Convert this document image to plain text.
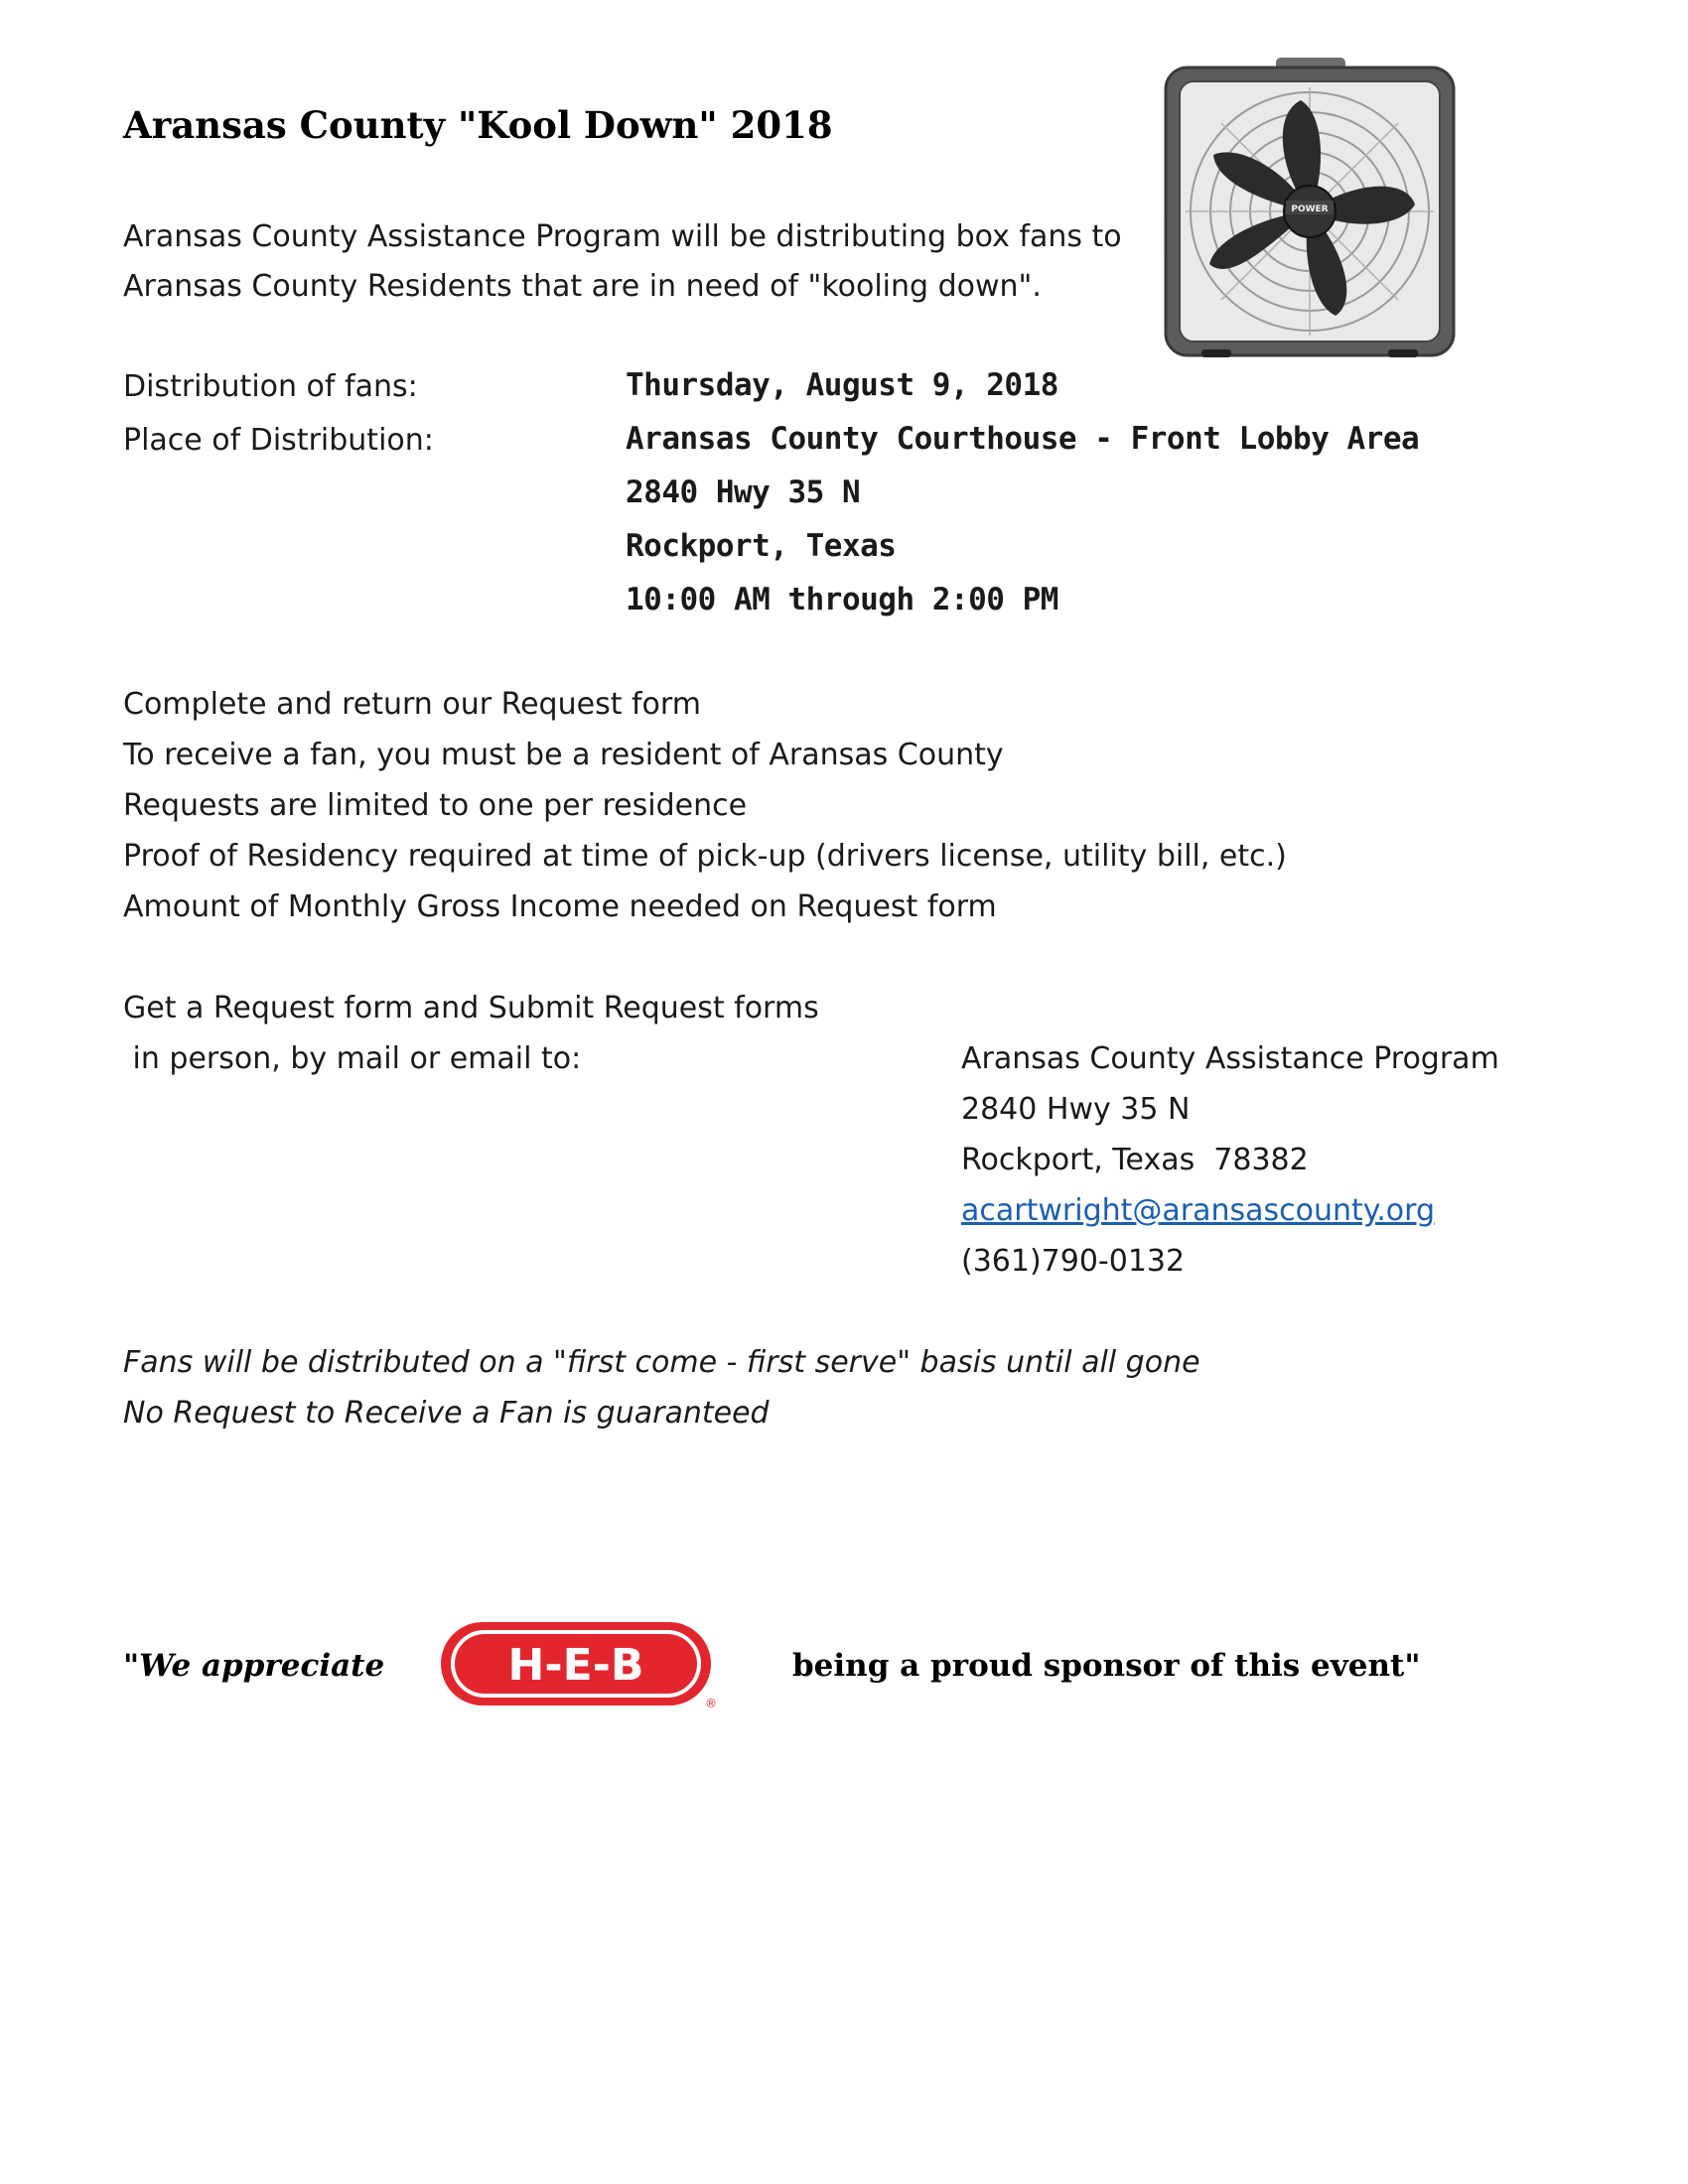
Aransas County "Kool Down" 2018
POWER
Aransas County Assistance Program will be distributing box fans to
Aransas County Residents that are in need of "kooling down".
Distribution of fans:	Thursday, August 9, 2018
Place of Distribution:	Aransas County Courthouse - Front Lobby Area
2840 Hwy 35 N
Rockport, Texas
10:00 AM through 2:00 PM
Complete and return our Request form
To receive a fan, you must be a resident of Aransas County
Requests are limited to one per residence
Proof of Residency required at time of pick-up (drivers license, utility bill, etc.)
Amount of Monthly Gross Income needed on Request form
Get a Request form and Submit Request forms
in person, by mail or email to:	Aransas County Assistance Program
2840 Hwy 35 N
Rockport, Texas  78382
acartwright@aransascounty.org
(361)790-0132
Fans will be distributed on a "first come - first serve" basis until all gone
No Request to Receive a Fan is guaranteed
"We appreciate	H-E-B
®
being a proud sponsor of this event"
